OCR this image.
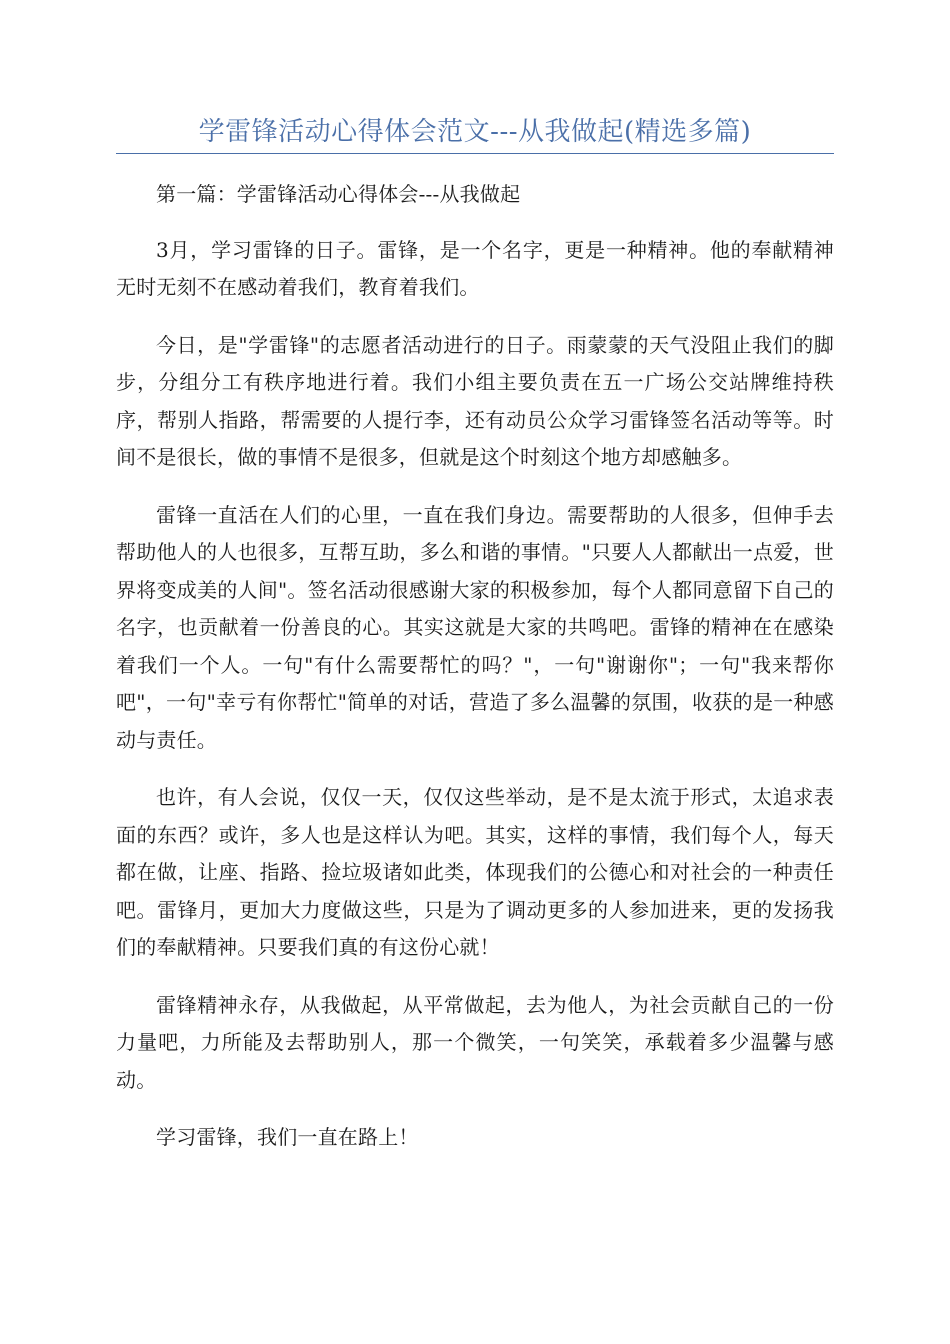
学雷锋活动心得体会范文---从我做起(精选多篇)

第一篇：学雷锋活动心得体会---从我做起

3月，学习雷锋的日子。雷锋，是一个名字，更是一种精神。他的奉献精神无时无刻不在感动着我们，教育着我们。

今日，是"学雷锋"的志愿者活动进行的日子。雨蒙蒙的天气没阻止我们的脚步，分组分工有秩序地进行着。我们小组主要负责在五一广场公交站牌维持秩序，帮别人指路，帮需要的人提行李，还有动员公众学习雷锋签名活动等等。时间不是很长，做的事情不是很多，但就是这个时刻这个地方却感触多。

雷锋一直活在人们的心里，一直在我们身边。需要帮助的人很多，但伸手去帮助他人的人也很多，互帮互助，多么和谐的事情。"只要人人都献出一点爱，世界将变成美的人间"。签名活动很感谢大家的积极参加，每个人都同意留下自己的名字，也贡献着一份善良的心。其实这就是大家的共鸣吧。雷锋的精神在在感染着我们一个人。一句"有什么需要帮忙的吗？"，一句"谢谢你"；一句"我来帮你吧"，一句"幸亏有你帮忙"简单的对话，营造了多么温馨的氛围，收获的是一种感动与责任。

也许，有人会说，仅仅一天，仅仅这些举动，是不是太流于形式，太追求表面的东西？或许，多人也是这样认为吧。其实，这样的事情，我们每个人，每天都在做，让座、指路、捡垃圾诸如此类，体现我们的公德心和对社会的一种责任吧。雷锋月，更加大力度做这些，只是为了调动更多的人参加进来，更的发扬我们的奉献精神。只要我们真的有这份心就！

雷锋精神永存，从我做起，从平常做起，去为他人，为社会贡献自己的一份力量吧，力所能及去帮助别人，那一个微笑，一句笑笑，承载着多少温馨与感动。

学习雷锋，我们一直在路上！
